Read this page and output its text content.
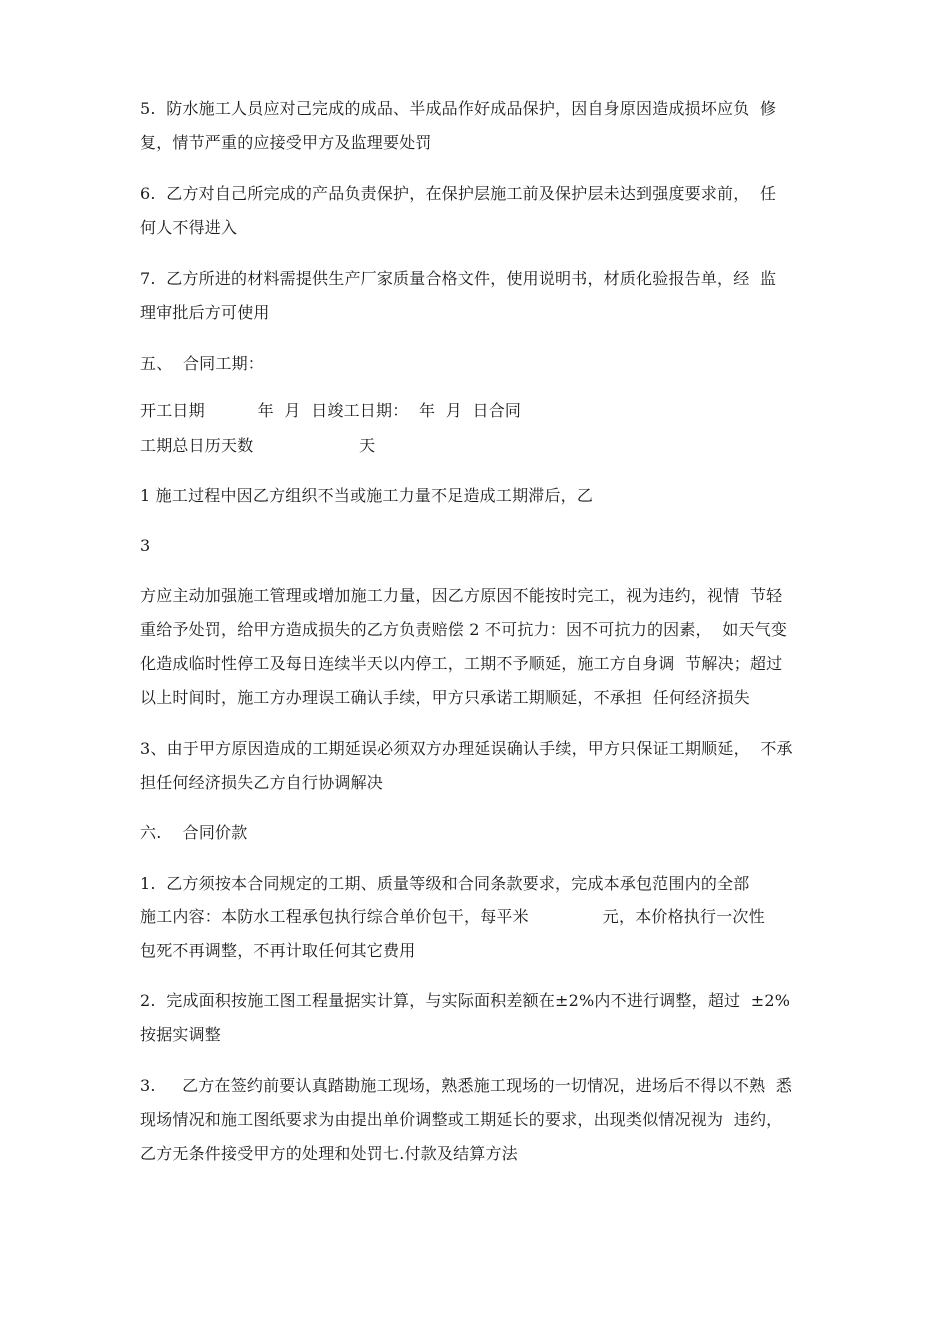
5.  防水施工人员应对己完成的成品、半成品作好成品保护，因自身原因造成损坏应负  修
复，情节严重的应接受甲方及监理要处罚
6.  乙方对自己所完成的产品负责保护，在保护层施工前及保护层未达到强度要求前，  任
何人不得进入
7.  乙方所进的材料需提供生产厂家质量合格文件，使用说明书，材质化验报告单，经  监
理审批后方可使用
五、  合同工期：
开工日期          年  月  日竣工日期：  年  月  日合同
工期总日历天数                    天
1 施工过程中因乙方组织不当或施工力量不足造成工期滞后，乙
3
方应主动加强施工管理或增加施工力量，因乙方原因不能按时完工，视为违约，视情  节轻
重给予处罚，给甲方造成损失的乙方负责赔偿 2 不可抗力：因不可抗力的因素，  如天气变
化造成临时性停工及每日连续半天以内停工，工期不予顺延，施工方自身调  节解决；超过
以上时间时，施工方办理误工确认手续，甲方只承诺工期顺延，不承担  任何经济损失
3、由于甲方原因造成的工期延误必须双方办理延误确认手续，甲方只保证工期顺延，  不承
担任何经济损失乙方自行协调解决
六.    合同价款
1.  乙方须按本合同规定的工期、质量等级和合同条款要求，完成本承包范围内的全部
施工内容：本防水工程承包执行综合单价包干，每平米              元，本价格执行一次性
包死不再调整，不再计取任何其它费用
2.  完成面积按施工图工程量据实计算，与实际面积差额在±2%内不进行调整，超过  ±2%
按据实调整
3.     乙方在签约前要认真踏勘施工现场，熟悉施工现场的一切情况，进场后不得以不熟  悉
现场情况和施工图纸要求为由提出单价调整或工期延长的要求，出现类似情况视为  违约，
乙方无条件接受甲方的处理和处罚七.付款及结算方法
